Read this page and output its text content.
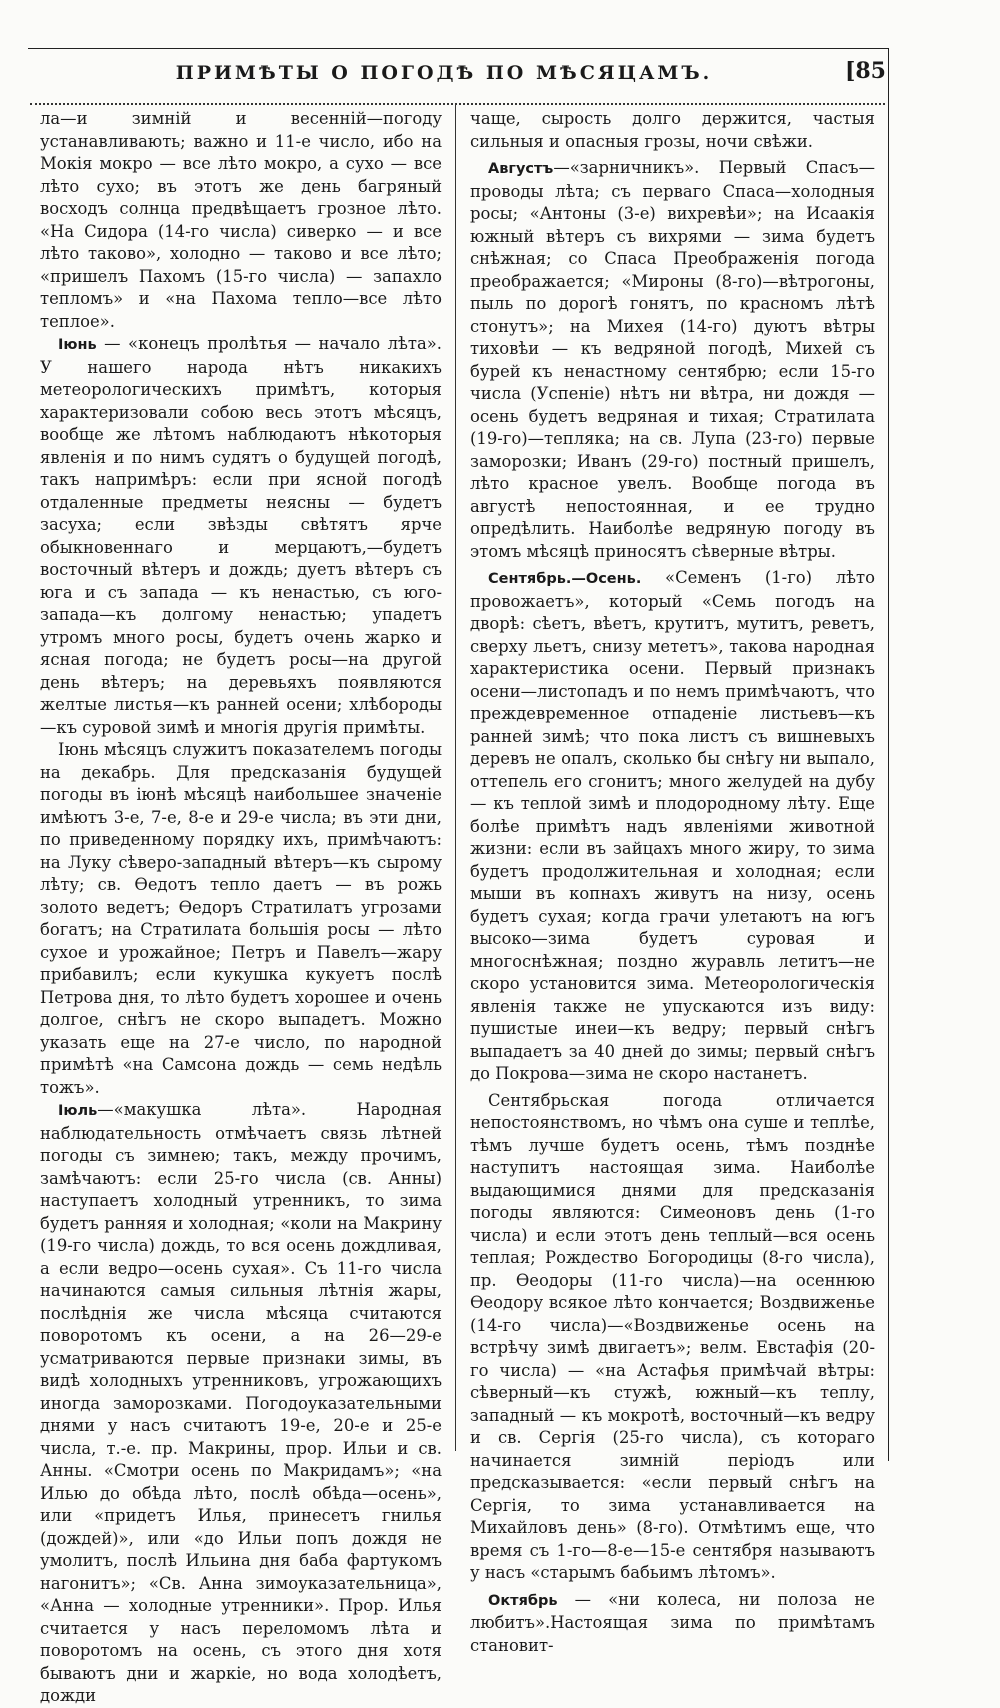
ПРИМѢТЫ О ПОГОДѢ ПО МѢСЯЦАМЪ.	[85

ла—и зимній и весенній—погоду устанавливають; важно и 11-е число, ибо на Мокія мокро — все лѣто мокро, а сухо — все лѣто сухо; въ этотъ же день багряный восходъ солнца предвѣщаетъ грозное лѣто. «На Сидора (14-го числа) сиверко — и все лѣто таково», холодно — таково и все лѣто; «пришелъ Пахомъ (15-го числа) — запахло тепломъ» и «на Пахома тепло—все лѣто теплое».

Іюнь — «конецъ пролѣтья — начало лѣта». У нашего народа нѣтъ никакихъ метеорологическихъ примѣтъ, которыя характеризовали собою весь этотъ мѣсяцъ, вообще же лѣтомъ наблюдаютъ нѣкоторыя явленія и по нимъ судятъ о будущей погодѣ, такъ напримѣръ: если при ясной погодѣ отдаленные предметы неясны — будетъ засуха; если звѣзды свѣтятъ ярче обыкновеннаго и мерцаютъ,—будетъ восточный вѣтеръ и дождь; дуетъ вѣтеръ съ юга и съ запада — къ ненастью, съ юго-запада—къ долгому ненастью; упадетъ утромъ много росы, будетъ очень жарко и ясная погода; не будетъ росы—на другой день вѣтеръ; на деревьяхъ появляются желтые листья—къ ранней осени; хлѣбороды—къ суровой зимѣ и многія другія примѣты.

Іюнь мѣсяцъ служитъ показателемъ погоды на декабрь. Для предсказанія будущей погоды въ іюнѣ мѣсяцѣ наибольшее значеніе имѣютъ 3-е, 7-е, 8-е и 29-е числа; въ эти дни, по приведенному порядку ихъ, примѣчаютъ: на Луку сѣверо-западный вѣтеръ—къ сырому лѣту; св. Ѳедотъ тепло даетъ — въ рожь золото ведетъ; Ѳедоръ Стратилатъ угрозами богатъ; на Стратилата большія росы — лѣто сухое и урожайное; Петръ и Павелъ—жару прибавилъ; если кукушка кукуетъ послѣ Петрова дня, то лѣто будетъ хорошее и очень долгое, снѣгъ не скоро выпадетъ. Можно указать еще на 27-е число, по народной примѣтѣ «на Самсона дождь — семь недѣль тожъ».

Іюль—«макушка лѣта». Народная наблюдательность отмѣчаетъ связь лѣтней погоды съ зимнею; такъ, между прочимъ, замѣчаютъ: если 25-го числа (св. Анны) наступаетъ холодный утренникъ, то зима будетъ ранняя и холодная; «коли на Макрину (19-го числа) дождь, то вся осень дождливая, а если ведро—осень сухая». Съ 11-го числа начинаются самыя сильныя лѣтнія жары, послѣднія же числа мѣсяца считаются поворотомъ къ осени, а на 26—29-е усматриваются первые признаки зимы, въ видѣ холодныхъ утренниковъ, угрожающихъ иногда заморозками. Погодоуказательными днями у насъ считаютъ 19-е, 20-е и 25-е числа, т.-е. пр. Макрины, прор. Ильи и св. Анны. «Смотри осень по Макридамъ»; «на Илью до обѣда лѣто, послѣ обѣда—осень», или «придетъ Илья, принесетъ гнилья (дождей)», или «до Ильи попъ дождя не умолитъ, послѣ Ильина дня баба фартукомъ нагонитъ»; «Св. Анна зимоуказательница», «Анна — холодные утренники». Прор. Илья считается у насъ переломомъ лѣта и поворотомъ на осень, съ этого дня хотя бываютъ дни и жаркіе, но вода холодѣетъ, дожди

чаще, сырость долго держится, частыя сильныя и опасныя грозы, ночи свѣжи.

Августъ—«зарничникъ». Первый Спасъ—проводы лѣта; съ перваго Спаса—холодныя росы; «Антоны (3-е) вихревѣи»; на Исаакія южный вѣтеръ съ вихрями — зима будетъ снѣжная; со Спаса Преображенія погода преображается; «Мироны (8-го)—вѣтрогоны, пыль по дорогѣ гонятъ, по красномъ лѣтѣ стонутъ»; на Михея (14-го) дуютъ вѣтры тиховѣи — къ ведряной погодѣ, Михей съ бурей къ ненастному сентябрю; если 15-го числа (Успеніе) нѣтъ ни вѣтра, ни дождя — осень будетъ ведряная и тихая; Стратилата (19-го)—тепляка; на св. Лупа (23-го) первые заморозки; Иванъ (29-го) постный пришелъ, лѣто красное увелъ. Вообще погода въ августѣ непостоянная, и ее трудно опредѣлить. Наиболѣе ведряную погоду въ этомъ мѣсяцѣ приносятъ сѣверные вѣтры.

Сентябрь.—Осень. «Семенъ (1-го) лѣто провожаетъ», который «Семь погодъ на дворѣ: сѣетъ, вѣетъ, крутитъ, мутитъ, реветъ, сверху льетъ, снизу мететъ», такова народная характеристика осени. Первый признакъ осени—листопадъ и по немъ примѣчаютъ, что преждевременное отпаденіе листьевъ—къ ранней зимѣ; что пока листъ съ вишневыхъ деревъ не опалъ, сколько бы снѣгу ни выпало, оттепель его сгонитъ; много желудей на дубу — къ теплой зимѣ и плодородному лѣту. Еще болѣе примѣтъ надъ явленіями животной жизни: если въ зайцахъ много жиру, то зима будетъ продолжительная и холодная; если мыши въ копнахъ живутъ на низу, осень будетъ сухая; когда грачи улетаютъ на югъ высоко—зима будетъ суровая и многоснѣжная; поздно журавль летитъ—не скоро установится зима. Метеорологическія явленія также не упускаются изъ виду: пушистые инеи—къ ведру; первый снѣгъ выпадаетъ за 40 дней до зимы; первый снѣгъ до Покрова—зима не скоро настанетъ.

Сентябрьская погода отличается непостоянствомъ, но чѣмъ она суше и теплѣе, тѣмъ лучше будетъ осень, тѣмъ позднѣе наступитъ настоящая зима. Наиболѣе выдающимися днями для предсказанія погоды являются: Симеоновъ день (1-го числа) и если этотъ день теплый—вся осень теплая; Рождество Богородицы (8-го числа), пр. Ѳеодоры (11-го числа)—на осеннюю Ѳеодору всякое лѣто кончается; Воздвиженье (14-го числа)—«Воздвиженье осень на встрѣчу зимѣ двигаетъ»; велм. Евстафія (20-го числа) — «на Астафья примѣчай вѣтры: сѣверный—къ стужѣ, южный—къ теплу, западный — къ мокротѣ, восточный—къ ведру и св. Сергія (25-го числа), съ котораго начинается зимній періодъ или предсказывается: «если первый снѣгъ на Сергія, то зима устанавливается на Михайловъ день» (8-го). Отмѣтимъ еще, что время съ 1-го—8-е—15-е сентября называютъ у насъ «старымъ бабьимъ лѣтомъ».

Октябрь — «ни колеса, ни полоза не любитъ».Настоящая зима по примѣтамъ становит-
